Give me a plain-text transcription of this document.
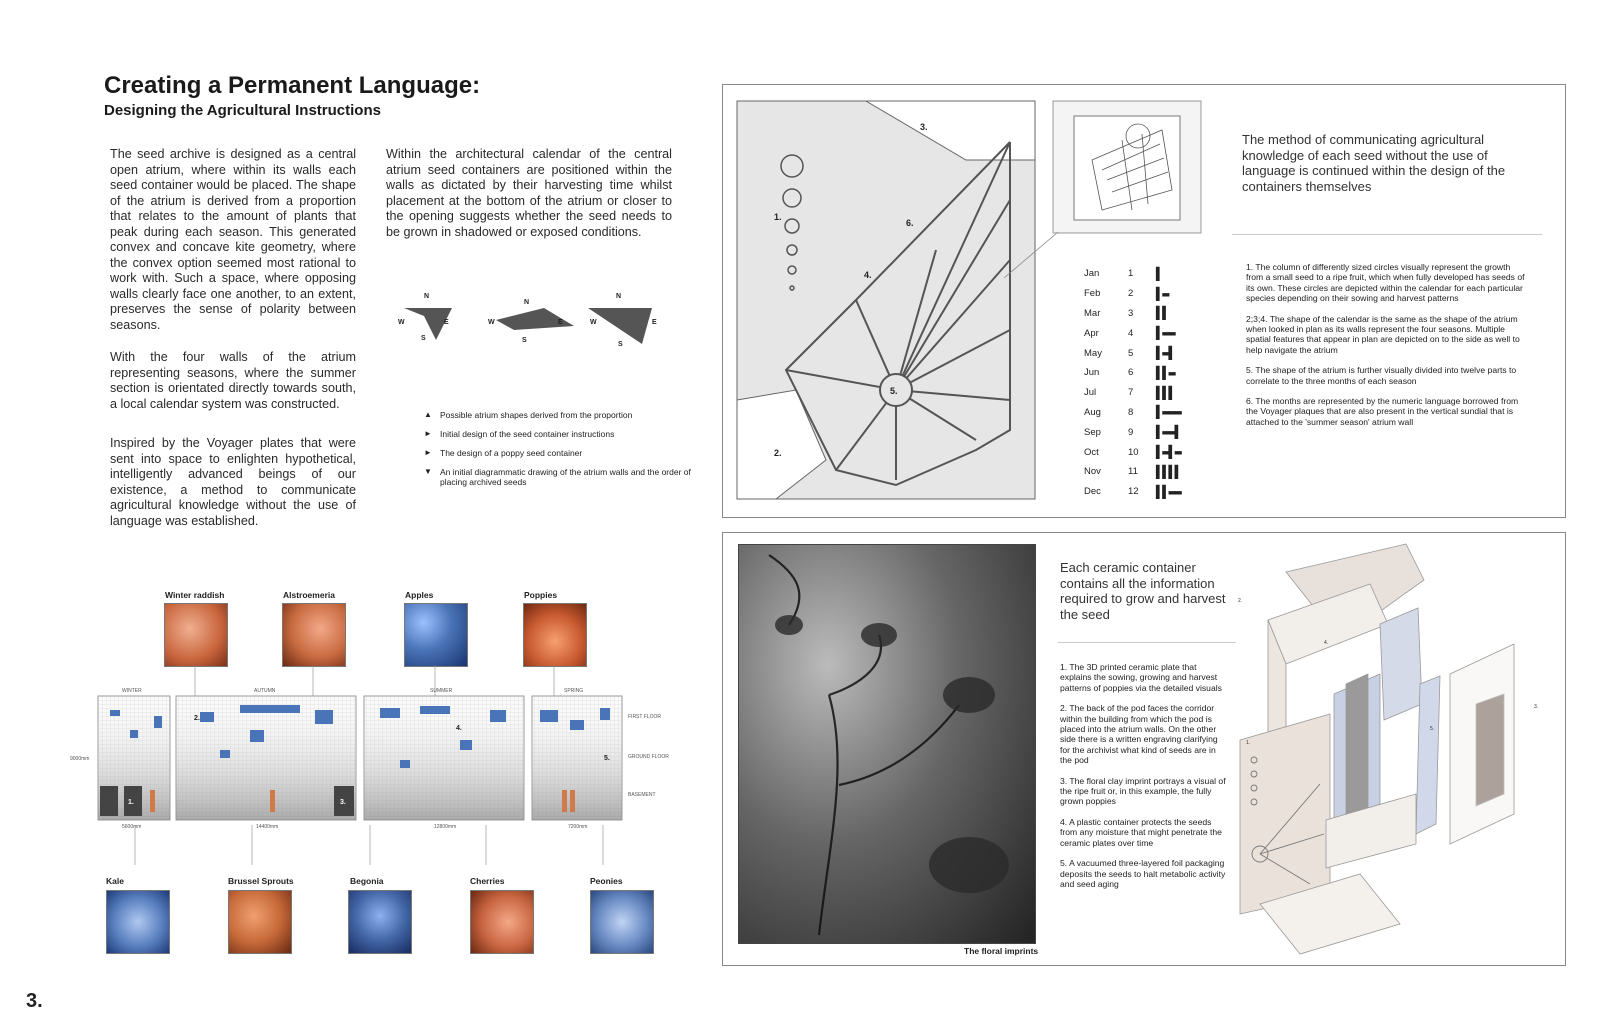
Creating a Permanent Language:
Designing the Agricultural Instructions

The seed archive is designed as a central open atrium, where within its walls each seed container would be placed. The shape of the atrium is derived from a proportion that relates to the amount of plants that peak during each season. This generated convex and concave kite geometry, where the convex option seemed most rational to work with. Such a space, where opposing walls clearly face one another, to an extent, preserves the sense of polarity between seasons.

With the four walls of the atrium representing seasons, where the summer section is orientated directly towards south, a local calendar system was constructed.

Inspired by the Voyager plates that were sent into space to enlighten hypothetical, intelligently advanced beings of our existence, a method to communicate agricultural knowledge without the use of language was established.

Within the architectural calendar of the central atrium seed containers are positioned within the walls as dictated by their harvesting time whilst placement at the bottom of the atrium or closer to the opening suggests whether the seed needs to be grown in shadowed or exposed conditions.

N
W	E
S
N
W	E
S
N
W	E
S
▲ Possible atrium shapes derived from the proportion
► Initial design of the seed container instructions
► The design of a poppy seed container
▼ An initial diagrammatic drawing of the atrium walls and the order of placing archived seeds
Winter raddish	Alstroemeria	Apples	Poppies
WINTER	AUTUMN	SUMMER	SPRING
9000mm
FIRST FLOOR
GROUND FLOOR
BASEMENT
5600mm	14400mm	12800mm	7200mm
1.	3.
2.
4.
5.
Kale	Brussel Sprouts	Begonia	Cherries	Peonies
1.
2.
3.
4.
5.
6.
Jan	1	▌
Feb	2	▌▬
Mar	3	▌▌
Apr	4	▌▬▬
May	5	▌▬▌
Jun	6	▌▌▬
Jul	7	▌▌▌
Aug	8	▌▬▬▬
Sep	9	▌▬▬▌
Oct	10	▌▬▌▬
Nov	11	▌▌▌▌
Dec	12	▌▌▬▬
The method of communicating agricultural knowledge of each seed without the use of language is continued within the design of the containers themselves

1. The column of differently sized circles visually represent the growth from a small seed to a ripe fruit, which when fully developed has seeds of its own. These circles are depicted within the calendar for each particular species depending on their sowing and harvest patterns

2;3;4. The shape of the calendar is the same as the shape of the atrium when looked in plan as its walls represent the four seasons. Multiple spatial features that appear in plan are depicted on to the side as well to help navigate the atrium

5. The shape of the atrium is further visually divided into twelve parts to correlate to the three months of each season

6. The months are represented by the numeric language borrowed from the Voyager plaques that are also present in the vertical sundial that is attached to the 'summer season' atrium wall

The floral imprints
Each ceramic container contains all the information required to grow and harvest the seed

1. The 3D printed ceramic plate that explains the sowing, growing and harvest patterns of poppies via the detailed visuals

2. The back of the pod faces the corridor within the building from which the pod is placed into the atrium walls. On the other side there is a written engraving clarifying for the archivist what kind of seeds are in the pod

3. The floral clay imprint portrays a visual of the ripe fruit or, in this example, the fully grown poppies

4. A plastic container protects the seeds from any moisture that might penetrate the ceramic plates over time

5. A vacuumed three-layered foil packaging deposits the seeds to halt metabolic activity and seed aging

1.
2.
3.
4.
5.
3.
